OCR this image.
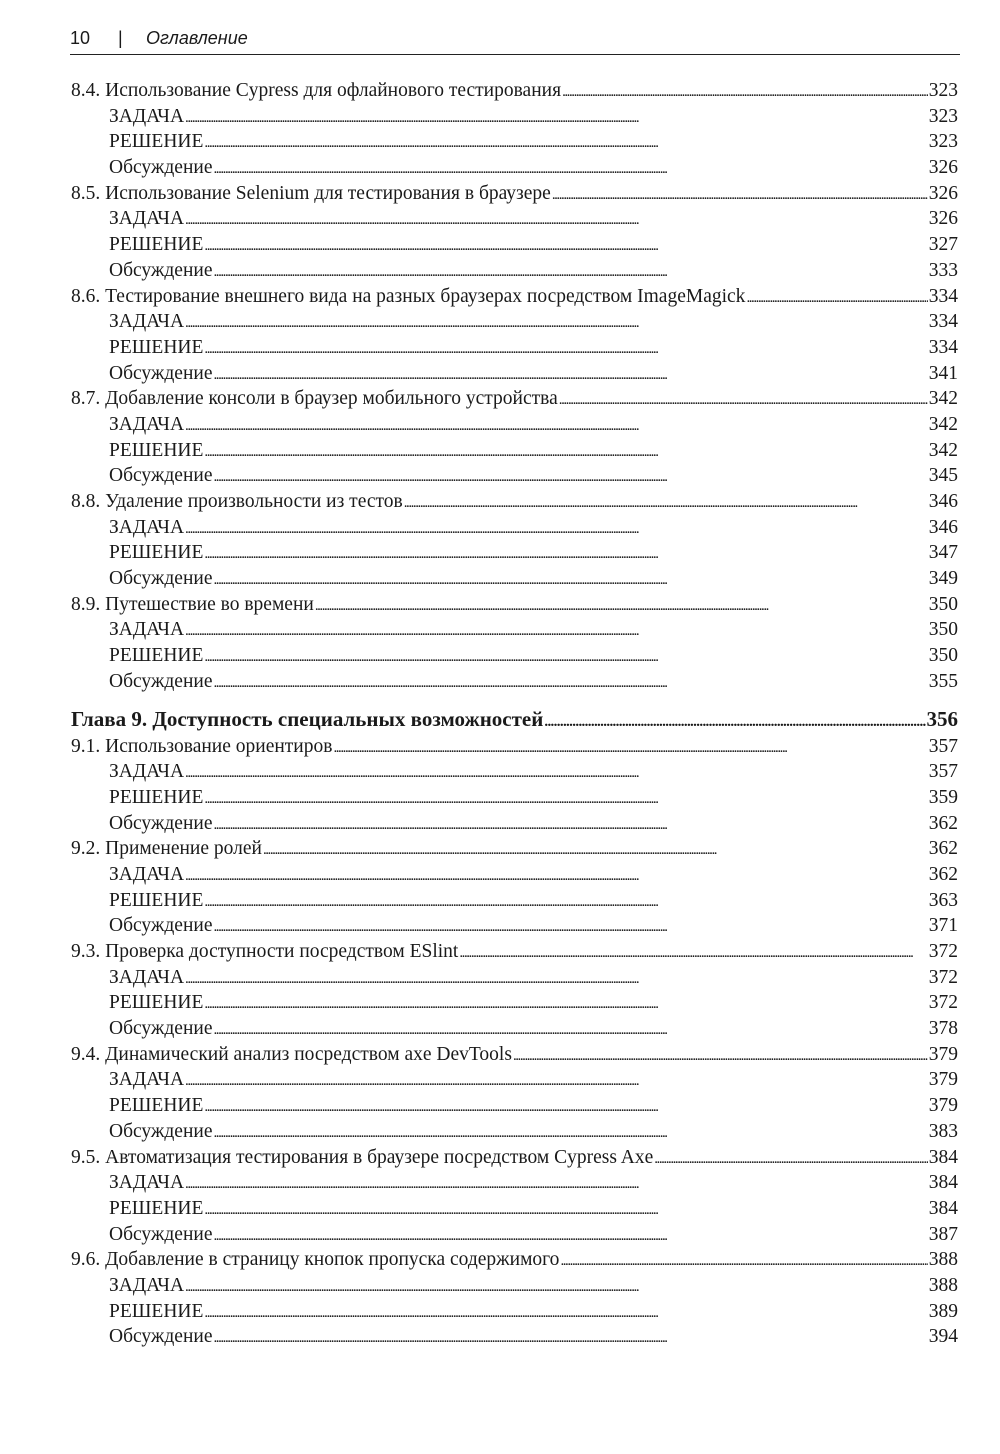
10 | Оглавление
8.4. Использование Cypress для офлайнового тестирования . . .	323
ЗАДАЧА . . .	323
РЕШЕНИЕ . . .	323
Обсуждение . . .	326
8.5. Использование Selenium для тестирования в браузере . . .	326
ЗАДАЧА . . .	326
РЕШЕНИЕ . . .	327
Обсуждение . . .	333
8.6. Тестирование внешнего вида на разных браузерах посредством ImageMagick . . .	334
ЗАДАЧА . . .	334
РЕШЕНИЕ . . .	334
Обсуждение . . .	341
8.7. Добавление консоли в браузер мобильного устройства . . .	342
ЗАДАЧА . . .	342
РЕШЕНИЕ . . .	342
Обсуждение . . .	345
8.8. Удаление произвольности из тестов . . .	346
ЗАДАЧА . . .	346
РЕШЕНИЕ . . .	347
Обсуждение . . .	349
8.9. Путешествие во времени . . .	350
ЗАДАЧА . . .	350
РЕШЕНИЕ . . .	350
Обсуждение . . .	355
Глава 9. Доступность специальных возможностей . . .	356
9.1. Использование ориентиров . . .	357
ЗАДАЧА . . .	357
РЕШЕНИЕ . . .	359
Обсуждение . . .	362
9.2. Применение ролей . . .	362
ЗАДАЧА . . .	362
РЕШЕНИЕ . . .	363
Обсуждение . . .	371
9.3. Проверка доступности посредством ESlint . . .	372
ЗАДАЧА . . .	372
РЕШЕНИЕ . . .	372
Обсуждение . . .	378
9.4. Динамический анализ посредством axe DevTools . . .	379
ЗАДАЧА . . .	379
РЕШЕНИЕ . . .	379
Обсуждение . . .	383
9.5. Автоматизация тестирования в браузере посредством Cypress Axe . . .	384
ЗАДАЧА . . .	384
РЕШЕНИЕ . . .	384
Обсуждение . . .	387
9.6. Добавление в страницу кнопок пропуска содержимого . . .	388
ЗАДАЧА . . .	388
РЕШЕНИЕ . . .	389
Обсуждение . . .	394
